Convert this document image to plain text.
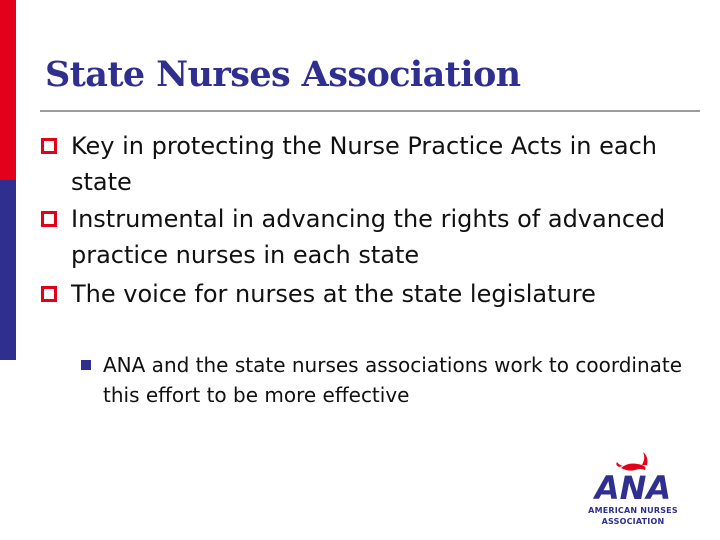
State Nurses Association
Key in protecting the Nurse Practice Acts in each state
Instrumental in advancing the rights of advanced practice nurses in each state
The voice for nurses at the state legislature
ANA and the state nurses associations work to coordinate this effort to be more effective
ANA
AMERICAN NURSES
ASSOCIATION
